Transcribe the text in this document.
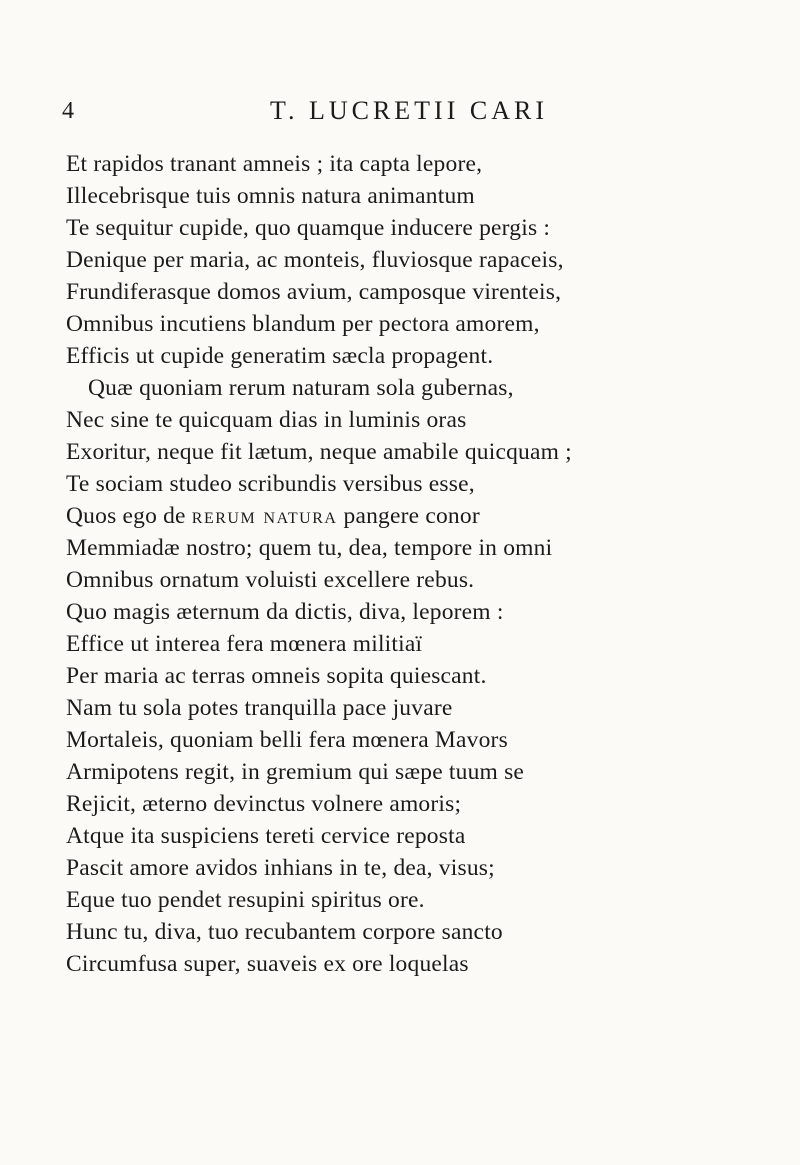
4	T. LUCRETII CARI
Et rapidos tranant amneis ; ita capta lepore,
Illecebrisque tuis omnis natura animantum
Te sequitur cupide, quo quamque inducere pergis :
Denique per maria, ac monteis, fluviosque rapaceis,
Frundiferasque domos avium, camposque virenteis,
Omnibus incutiens blandum per pectora amorem,
Efficis ut cupide generatim sæcla propagent.
Quæ quoniam rerum naturam sola gubernas,
Nec sine te quicquam dias in luminis oras
Exoritur, neque fit lætum, neque amabile quicquam ;
Te sociam studeo scribundis versibus esse,
Quos ego de rerum natura pangere conor
Memmiadæ nostro; quem tu, dea, tempore in omni
Omnibus ornatum voluisti excellere rebus.
Quo magis æternum da dictis, diva, leporem :
Effice ut interea fera mœnera militiaï
Per maria ac terras omneis sopita quiescant.
Nam tu sola potes tranquilla pace juvare
Mortaleis, quoniam belli fera mœnera Mavors
Armipotens regit, in gremium qui sæpe tuum se
Rejicit, æterno devinctus volnere amoris;
Atque ita suspiciens tereti cervice reposta
Pascit amore avidos inhians in te, dea, visus;
Eque tuo pendet resupini spiritus ore.
Hunc tu, diva, tuo recubantem corpore sancto
Circumfusa super, suaveis ex ore loquelas
